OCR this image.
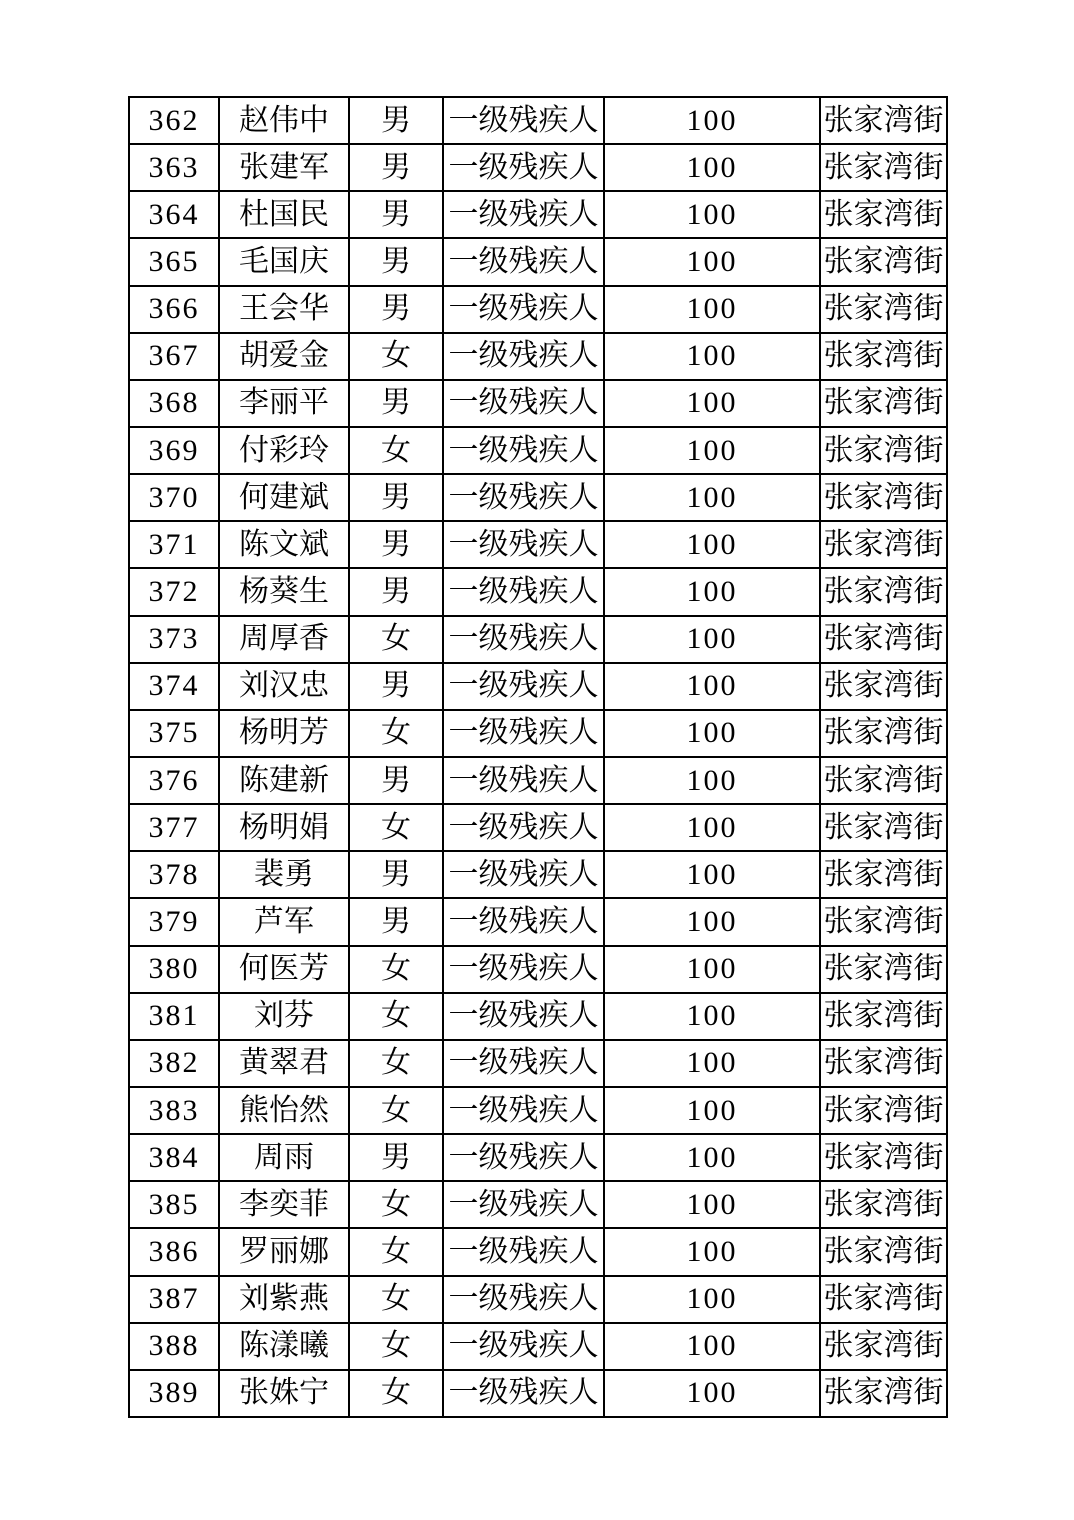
362	赵伟中	男	一级残疾人	100	张家湾街
363	张建军	男	一级残疾人	100	张家湾街
364	杜国民	男	一级残疾人	100	张家湾街
365	毛国庆	男	一级残疾人	100	张家湾街
366	王会华	男	一级残疾人	100	张家湾街
367	胡爱金	女	一级残疾人	100	张家湾街
368	李丽平	男	一级残疾人	100	张家湾街
369	付彩玲	女	一级残疾人	100	张家湾街
370	何建斌	男	一级残疾人	100	张家湾街
371	陈文斌	男	一级残疾人	100	张家湾街
372	杨葵生	男	一级残疾人	100	张家湾街
373	周厚香	女	一级残疾人	100	张家湾街
374	刘汉忠	男	一级残疾人	100	张家湾街
375	杨明芳	女	一级残疾人	100	张家湾街
376	陈建新	男	一级残疾人	100	张家湾街
377	杨明娟	女	一级残疾人	100	张家湾街
378	裴勇	男	一级残疾人	100	张家湾街
379	芦军	男	一级残疾人	100	张家湾街
380	何医芳	女	一级残疾人	100	张家湾街
381	刘芬	女	一级残疾人	100	张家湾街
382	黄翠君	女	一级残疾人	100	张家湾街
383	熊怡然	女	一级残疾人	100	张家湾街
384	周雨	男	一级残疾人	100	张家湾街
385	李奕菲	女	一级残疾人	100	张家湾街
386	罗丽娜	女	一级残疾人	100	张家湾街
387	刘紫燕	女	一级残疾人	100	张家湾街
388	陈漾曦	女	一级残疾人	100	张家湾街
389	张姝宁	女	一级残疾人	100	张家湾街
